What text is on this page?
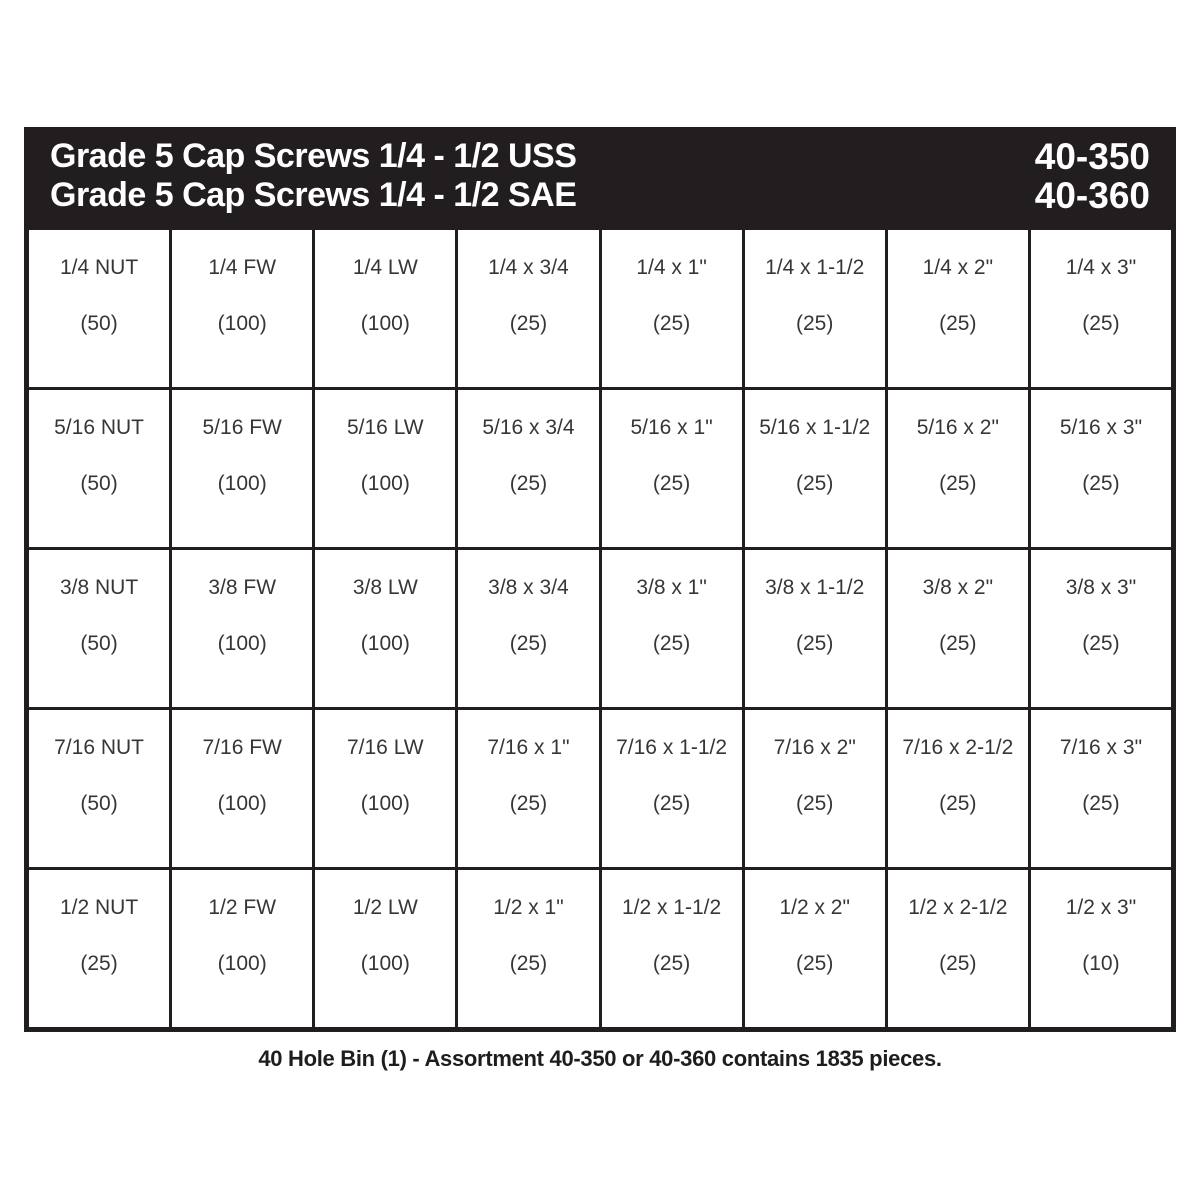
Grade 5 Cap Screws 1/4 - 1/2 USS
Grade 5 Cap Screws 1/4 - 1/2 SAE
40-350
40-360
1/4 NUT
(50)
1/4 FW
(100)
1/4 LW
(100)
1/4 x 3/4
(25)
1/4 x 1"
(25)
1/4 x 1-1/2
(25)
1/4 x 2"
(25)
1/4 x 3"
(25)
5/16 NUT
(50)
5/16 FW
(100)
5/16 LW
(100)
5/16 x 3/4
(25)
5/16 x 1"
(25)
5/16 x 1-1/2
(25)
5/16 x 2"
(25)
5/16 x 3"
(25)
3/8 NUT
(50)
3/8 FW
(100)
3/8 LW
(100)
3/8 x 3/4
(25)
3/8 x 1"
(25)
3/8 x 1-1/2
(25)
3/8 x 2"
(25)
3/8 x 3"
(25)
7/16 NUT
(50)
7/16 FW
(100)
7/16 LW
(100)
7/16 x 1"
(25)
7/16 x 1-1/2
(25)
7/16 x 2"
(25)
7/16 x 2-1/2
(25)
7/16 x 3"
(25)
1/2 NUT
(25)
1/2 FW
(100)
1/2 LW
(100)
1/2 x 1"
(25)
1/2 x 1-1/2
(25)
1/2 x 2"
(25)
1/2 x 2-1/2
(25)
1/2 x 3"
(10)
40 Hole Bin (1) - Assortment 40-350 or 40-360 contains 1835 pieces.
